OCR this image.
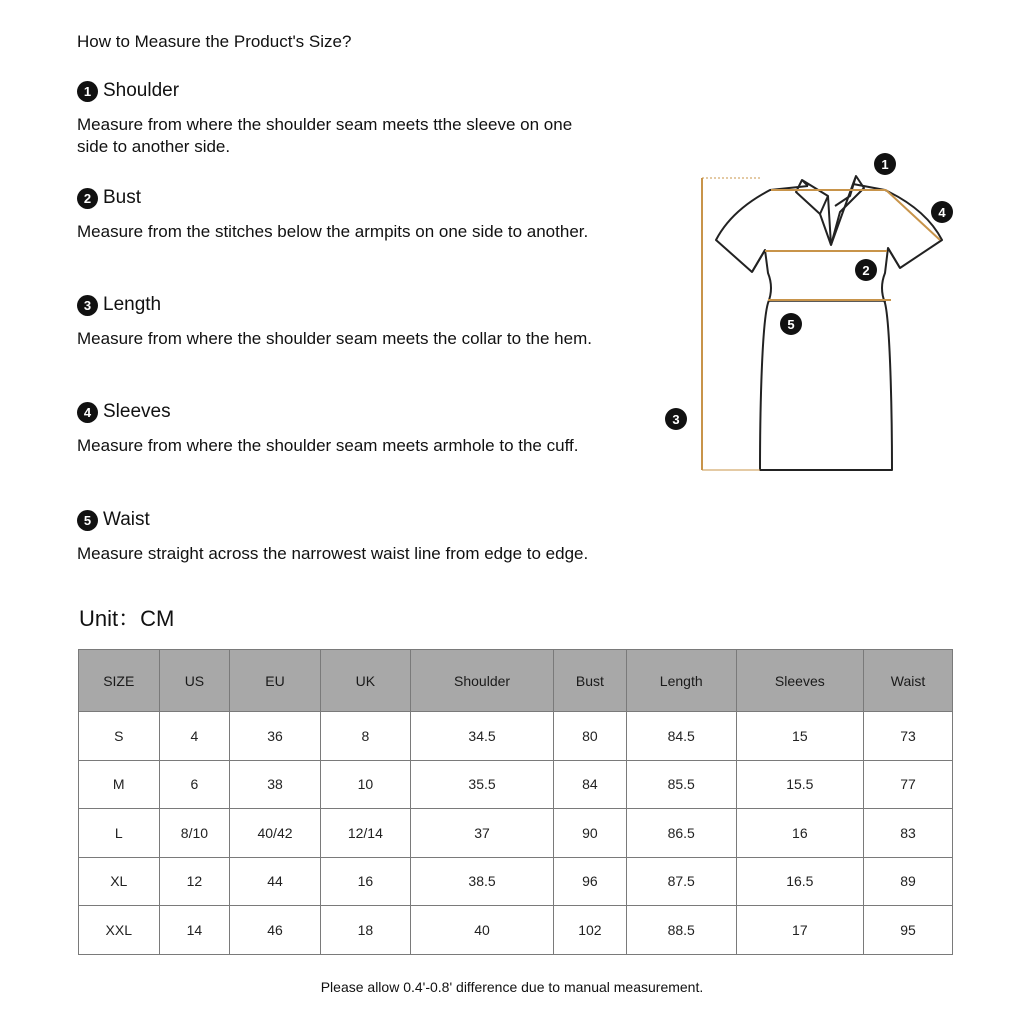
How to Measure the Product's Size?
1 Shoulder
Measure from where the shoulder seam meets tthe sleeve on one side to another side.
2 Bust
Measure from the stitches below the armpits on one side to another.
3 Length
Measure from where the shoulder seam meets the collar to the hem.
4 Sleeves
Measure from where the shoulder seam meets armhole to the cuff.
5 Waist
Measure straight across the narrowest waist line from edge to edge.
Unit：CM
1
2
3
4
5
SIZE	US	EU	UK	Shoulder	Bust	Length	Sleeves	Waist
S	4	36	8	34.5	80	84.5	15	73
M	6	38	10	35.5	84	85.5	15.5	77
L	8/10	40/42	12/14	37	90	86.5	16	83
XL	12	44	16	38.5	96	87.5	16.5	89
XXL	14	46	18	40	102	88.5	17	95
Please allow 0.4'-0.8' difference due to manual measurement.
